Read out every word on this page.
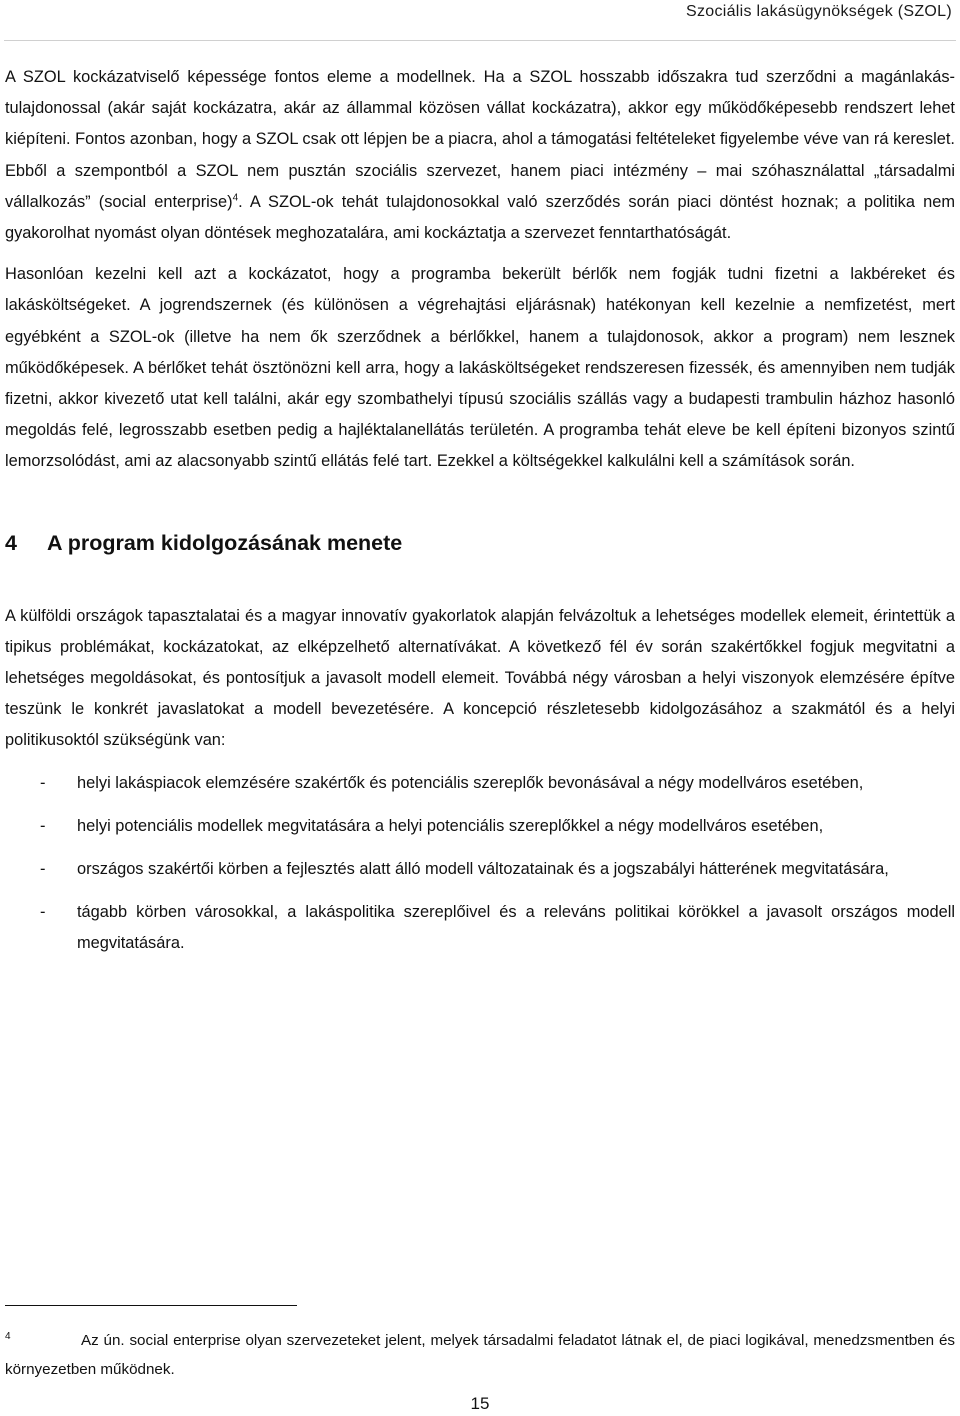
Szociális lakásügynökségek (SZOL)

A SZOL kockázatviselő képessége fontos eleme a modellnek. Ha a SZOL hosszabb időszakra tud szerződni a magánlakás-tulajdonossal (akár saját kockázatra, akár az állammal közösen vállat kockázatra), akkor egy működőképesebb rendszert lehet kiépíteni. Fontos azonban, hogy a SZOL csak ott lépjen be a piacra, ahol a támogatási feltételeket figyelembe véve van rá kereslet. Ebből a szempontból a SZOL nem pusztán szociális szervezet, hanem piaci intézmény – mai szóhasználattal „társadalmi vállalkozás” (social enterprise)$^4$. A SZOL-ok tehát tulajdonosokkal való szerződés során piaci döntést hoznak; a politika nem gyakorolhat nyomást olyan döntések meghozatalára, ami kockáztatja a szervezet fenntarthatóságát.

Hasonlóan kezelni kell azt a kockázatot, hogy a programba bekerült bérlők nem fogják tudni fizetni a lakbéreket és lakásköltségeket. A jogrendszernek (és különösen a végrehajtási eljárásnak) hatékonyan kell kezelnie a nemfizetést, mert egyébként a SZOL-ok (illetve ha nem ők szerződnek a bérlőkkel, hanem a tulajdonosok, akkor a program) nem lesznek működőképesek. A bérlőket tehát ösztönözni kell arra, hogy a lakásköltségeket rendszeresen fizessék, és amennyiben nem tudják fizetni, akkor kivezető utat kell találni, akár egy szombathelyi típusú szociális szállás vagy a budapesti trambulin házhoz hasonló megoldás felé, legrosszabb esetben pedig a hajléktalanellátás területén. A programba tehát eleve be kell építeni bizonyos szintű lemorzsolódást, ami az alacsonyabb szintű ellátás felé tart. Ezekkel a költségekkel kalkulálni kell a számítások során.

4 A program kidolgozásának menete

A külföldi országok tapasztalatai és a magyar innovatív gyakorlatok alapján felvázoltuk a lehetséges modellek elemeit, érintettük a tipikus problémákat, kockázatokat, az elképzelhető alternatívákat. A következő fél év során szakértőkkel fogjuk megvitatni a lehetséges megoldásokat, és pontosítjuk a javasolt modell elemeit. Továbbá négy városban a helyi viszonyok elemzésére építve teszünk le konkrét javaslatokat a modell bevezetésére. A koncepció részletesebb kidolgozásához a szakmától és a helyi politikusoktól szükségünk van:

- helyi lakáspiacok elemzésére szakértők és potenciális szereplők bevonásával a négy modellváros esetében,
- helyi potenciális modellek megvitatására a helyi potenciális szereplőkkel a négy modellváros esetében,
- országos szakértői körben a fejlesztés alatt álló modell változatainak és a jogszabályi hátterének megvitatására,
- tágabb körben városokkal, a lakáspolitika szereplőivel és a releváns politikai körökkel a javasolt országos modell megvitatására.
4	Az ún. social enterprise olyan szervezeteket jelent, melyek társadalmi feladatot látnak el, de piaci logikával, menedzsmentben és környezetben működnek.
15
